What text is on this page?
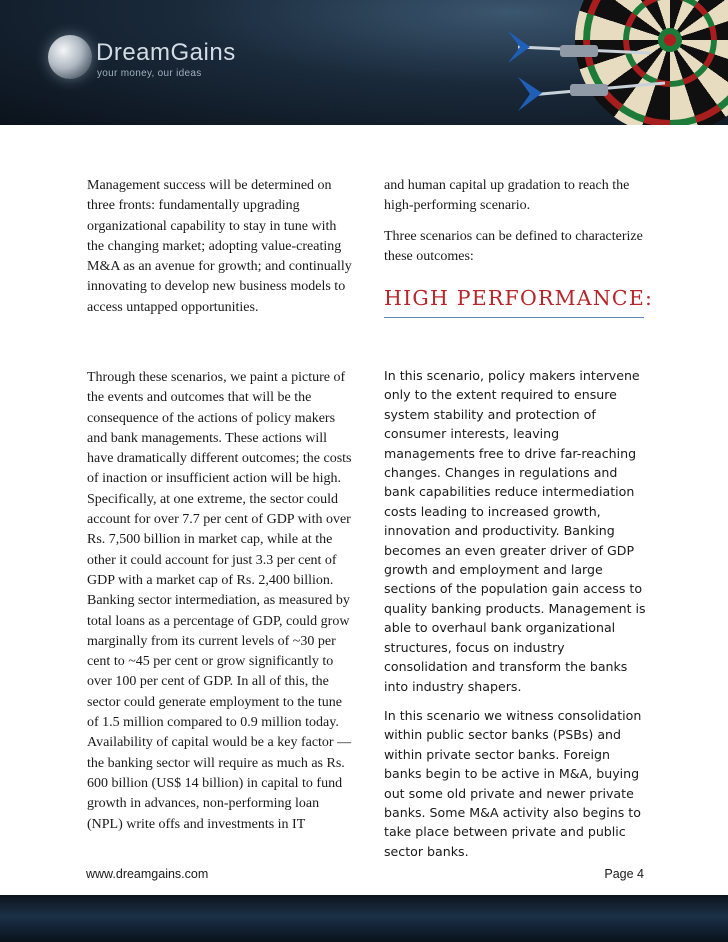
DreamGains
your money, our ideas

Management success will be determined on three fronts: fundamentally upgrading organizational capability to stay in tune with the changing market; adopting value-creating M&A as an avenue for growth; and continually innovating to develop new business models to access untapped opportunities.

Through these scenarios, we paint a picture of the events and outcomes that will be the consequence of the actions of policy makers and bank managements. These actions will have dramatically different outcomes; the costs of inaction or insufficient action will be high. Specifically, at one extreme, the sector could account for over 7.7 per cent of GDP with over Rs. 7,500 billion in market cap, while at the other it could account for just 3.3 per cent of GDP with a market cap of Rs. 2,400 billion. Banking sector intermediation, as measured by total loans as a percentage of GDP, could grow marginally from its current levels of ~30 per cent to ~45 per cent or grow significantly to over 100 per cent of GDP. In all of this, the sector could generate employment to the tune of 1.5 million compared to 0.9 million today. Availability of capital would be a key factor — the banking sector will require as much as Rs. 600 billion (US$ 14 billion) in capital to fund growth in advances, non-performing loan (NPL) write offs and investments in IT

and human capital up gradation to reach the high-performing scenario.

Three scenarios can be defined to characterize these outcomes:

HIGH PERFORMANCE:

In this scenario, policy makers intervene only to the extent required to ensure system stability and protection of consumer interests, leaving managements free to drive far-reaching changes. Changes in regulations and bank capabilities reduce intermediation costs leading to increased growth, innovation and productivity. Banking becomes an even greater driver of GDP growth and employment and large sections of the population gain access to quality banking products. Management is able to overhaul bank organizational structures, focus on industry consolidation and transform the banks into industry shapers.

In this scenario we witness consolidation within public sector banks (PSBs) and within private sector banks. Foreign banks begin to be active in M&A, buying out some old private and newer private banks. Some M&A activity also begins to take place between private and public sector banks.

www.dreamgains.com	Page 4
